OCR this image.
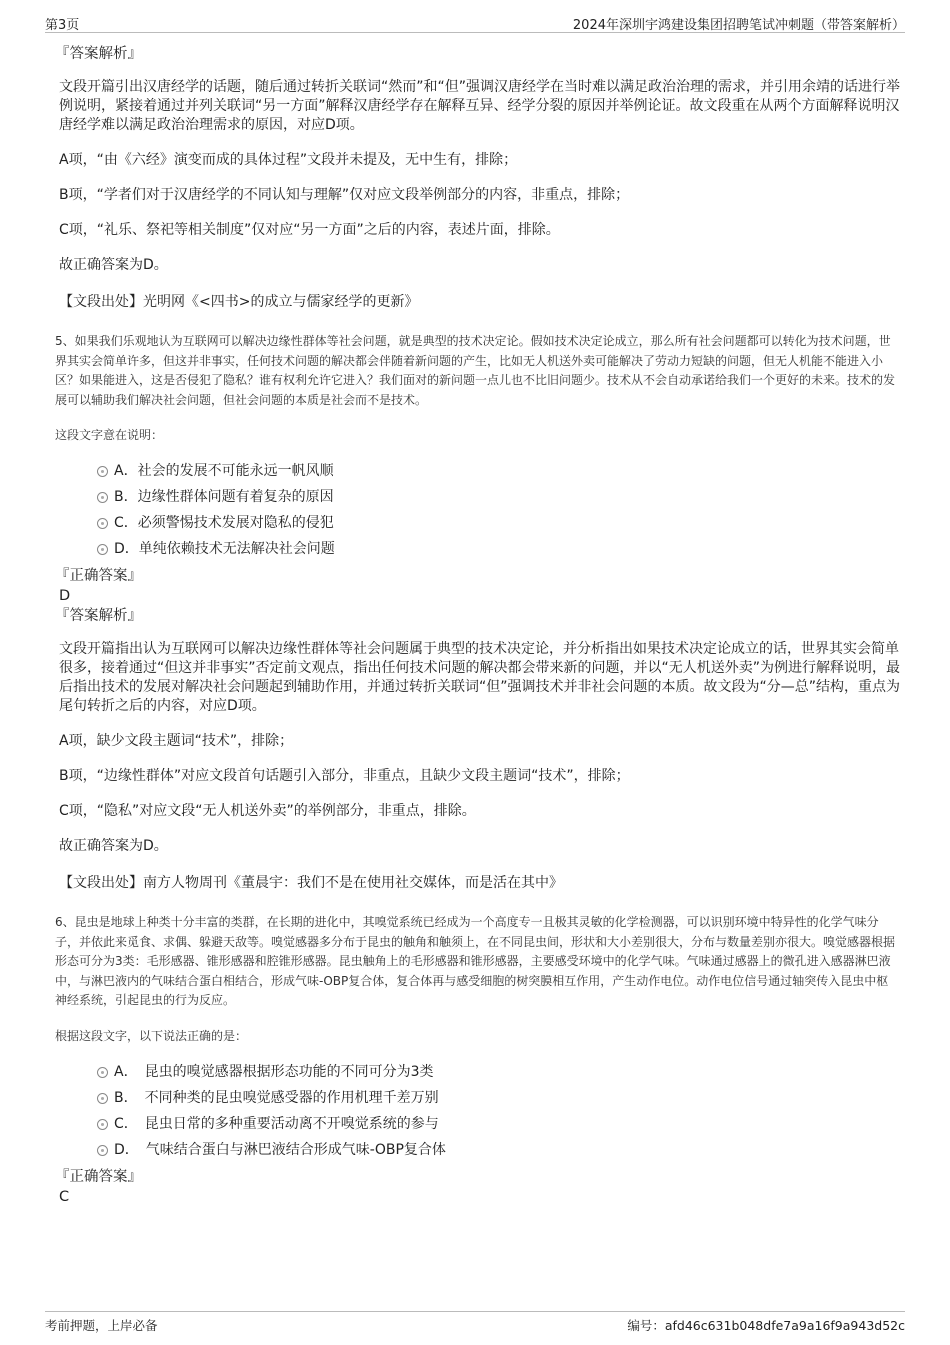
第3页	2024年深圳宇鸿建设集团招聘笔试冲刺题（带答案解析）

『答案解析』

文段开篇引出汉唐经学的话题，随后通过转折关联词“然而”和“但”强调汉唐经学在当时难以满足政治治理的需求，并引用余靖的话进行举例说明，紧接着通过并列关联词“另一方面”解释汉唐经学存在解释互异、经学分裂的原因并举例论证。故文段重在从两个方面解释说明汉唐经学难以满足政治治理需求的原因，对应D项。

A项，“由《六经》演变而成的具体过程”文段并未提及，无中生有，排除；

B项，“学者们对于汉唐经学的不同认知与理解”仅对应文段举例部分的内容，非重点，排除；

C项，“礼乐、祭祀等相关制度”仅对应“另一方面”之后的内容，表述片面，排除。

故正确答案为D。

【文段出处】光明网《<四书>的成立与儒家经学的更新》

5、如果我们乐观地认为互联网可以解决边缘性群体等社会问题，就是典型的技术决定论。假如技术决定论成立，那么所有社会问题都可以转化为技术问题，世界其实会简单许多，但这并非事实，任何技术问题的解决都会伴随着新问题的产生，比如无人机送外卖可能解决了劳动力短缺的问题，但无人机能不能进入小区？如果能进入，这是否侵犯了隐私？谁有权利允许它进入？我们面对的新问题一点儿也不比旧问题少。技术从不会自动承诺给我们一个更好的未来。技术的发展可以辅助我们解决社会问题，但社会问题的本质是社会而不是技术。

这段文字意在说明：

A．社会的发展不可能永远一帆风顺
B．边缘性群体问题有着复杂的原因
C．必须警惕技术发展对隐私的侵犯
D．单纯依赖技术无法解决社会问题

『正确答案』

D

『答案解析』

文段开篇指出认为互联网可以解决边缘性群体等社会问题属于典型的技术决定论，并分析指出如果技术决定论成立的话，世界其实会简单很多，接着通过“但这并非事实”否定前文观点，指出任何技术问题的解决都会带来新的问题，并以“无人机送外卖”为例进行解释说明，最后指出技术的发展对解决社会问题起到辅助作用，并通过转折关联词“但”强调技术并非社会问题的本质。故文段为“分—总”结构，重点为尾句转折之后的内容，对应D项。

A项，缺少文段主题词“技术”，排除；

B项，“边缘性群体”对应文段首句话题引入部分，非重点，且缺少文段主题词“技术”，排除；

C项，“隐私”对应文段“无人机送外卖”的举例部分，非重点，排除。

故正确答案为D。

【文段出处】南方人物周刊《董晨宇：我们不是在使用社交媒体，而是活在其中》

6、昆虫是地球上种类十分丰富的类群，在长期的进化中，其嗅觉系统已经成为一个高度专一且极其灵敏的化学检测器，可以识别环境中特异性的化学气味分子，并依此来觅食、求偶、躲避天敌等。嗅觉感器多分布于昆虫的触角和触须上，在不同昆虫间，形状和大小差别很大，分布与数量差别亦很大。嗅觉感器根据形态可分为3类：毛形感器、锥形感器和腔锥形感器。昆虫触角上的毛形感器和锥形感器，主要感受环境中的化学气味。气味通过感器上的微孔进入感器淋巴液中，与淋巴液内的气味结合蛋白相结合，形成气味-OBP复合体，复合体再与感受细胞的树突膜相互作用，产生动作电位。动作电位信号通过轴突传入昆虫中枢神经系统，引起昆虫的行为反应。

根据这段文字，以下说法正确的是：

A．　昆虫的嗅觉感器根据形态功能的不同可分为3类
B．　不同种类的昆虫嗅觉感受器的作用机理千差万别
C．　昆虫日常的多种重要活动离不开嗅觉系统的参与
D．　气味结合蛋白与淋巴液结合形成气味-OBP复合体

『正确答案』

C

考前押题，上岸必备	编号：afd46c631b048dfe7a9a16f9a943d52c
